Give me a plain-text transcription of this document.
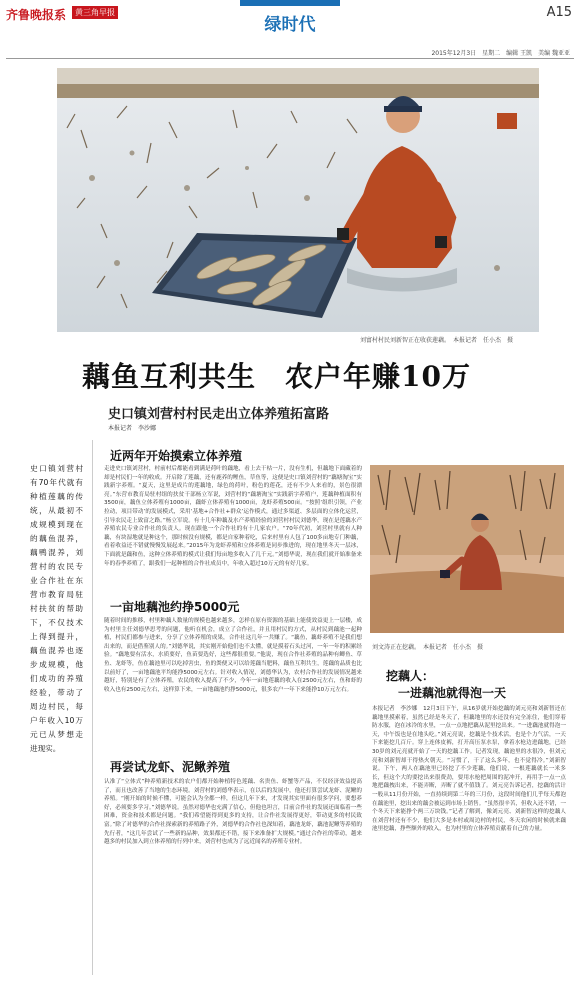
齐鲁晚报系	黄三角早报
绿时代
A15
2015年12月3日　星期二　编辑 王凯　美编 魏亚亚
刘富村村民刘新智正在收获莲藕。　本报记者　任小杰　摄
藕鱼互利共生　农户年赚10万
史口镇刘营村村民走出立体养殖拓富路
本报记者　李沙娜
史口镇刘营村有70年代就有种植莲藕的传统，从最初不成规模到现在的藕鱼混养，藕鸭混养，刘营村的农民专业合作社在东营市教育局驻村扶贫的帮助下，不仅技术上得到提升，藕鱼混养也逐步成规模，他们成功的养殖经验，带动了周边村民，每户年收入10万元已从梦想走进现实。
近两年开始摸索立体养殖
走进史口镇刘营村，村前村后都能看到满是荷叶的藕地，看上去干枯一片，没有生机，但藕地下面藏着的却是村民们一年的收成。开启除了莲藕，还有鹿养的鲤鱼，草鱼等，这便是史口镇刘营村的“藕塘淘宝”实践新字养殖。“夏天，这里是成片的莲藕地，绿色的荷叶，粉色的莲花，还有不少人来看的，景色很漂亮。”东营市教育局驻村组的扶贫干部杨立军说，刘营村的“藕塘淘宝”实践新字养殖户，莲藕种植面积有3500亩，藕鱼立体养殖有1000亩，藕虾立体养殖有1000亩，龙虾养殖500亩。“按照‘组织引领，产业拉动，项目带动’的发展模式，采用‘基地+合作社+群众’运作模式，通过多渠道、多层面的立体化运营，引导农民走上致富之路。”杨立军说。有十几年种藕及水产养殖经验的刘营村村民刘德华，现在是莲藕水产养殖农民专业合作社的负责人。现在跟他一个合作社的有十几家农户。“70年代初，刘营村里就有人种藕，有块湿地就是种这个，那时候没有规模，都是自家种着吃，后来村里有人包了100多亩地专门种藕，看着收益还不错就慢慢发展起来。”2015年为龙虾养殖和立体养殖是同步推进的，现在地里冬天一层冰，下面就是藕和鱼，这种立体养殖的模式让我们每亩地多收入了几千元。”刘德华说，现在我们就开始准备来年的春季养殖了，跟我们一起种植的合作社成员中，年收入超过10万元的有好几家。
一亩地藕池约挣5000元
随着时间的推移，村里种藕人数量的规模也越来越多，怎样在原有资源的基础上能使效益更上一层楼，成为村里主任刘德华思考的问题，他听在机会，成立了合作社，并且用村民的方式，从村民到藕池一起种植，村民们都参与进来，分享了立体养殖的成果，合作社这几年一共赚了。“藕鱼，藕虾养殖不是我们想出来的，而是借鉴别人的。”刘德华说，其实刚开始他们也不太懂，就是摸着石头过河，一年一年的积累经验。“藕地要有活水，水质要好，鱼苗要选好，这些都很重要。”他说，现在合作社养殖的品种有鲫鱼、草鱼、龙虾等，鱼在藕池里可以吃掉害虫，鱼的粪便又可以给莲藕当肥料，藕鱼互利共生，莲藕的品质也比以前好了，一亩地藕池平均能挣5000元左右。针对收入情况，刘德华认为，农村合作社的发展情况越来越好，特别是有了立体养殖，农民的收入提高了不少，今年一亩地莲藕的收入在2500元左右，鱼和虾的收入也有2500元左右，这样算下来，一亩地藕池约挣5000元，很多农户一年下来能挣10万元左右。
再尝试龙虾、泥鳅养殖
认准了“立体式”种养殖新技术的农户们都开始种植特色莲藕、名贵鱼、虾蟹等产品，不仅经济效益提高了，而且也改善了当地的生态环境。刘营村的刘德华表示，在以后的发展中，他还打算尝试龙虾、泥鳅的养殖。“刚开始的时候不懂，可能会认为全都一样，但这几年下来，才发现其实里面有很多学问，要想养好，必须要多学习。”刘德华说。虽然对德华也充满了信心，但他也坦言，目前合作社的发展还面临着一些困难，资金和技术都是问题。“我们希望能得到更多的支持，让合作社发展得更好，带动更多的村民致富。”除了对德华的合作社探索新的养殖路子外，刘德华的合作社也深知着，藕池龙虾，藕池泥鳅等养殖的先行者，“这几年尝试了一些新的品种，效果都还不错，接下来准备扩大规模。”通过合作社的带动，越来越多的村民加入到立体养殖的行列中来，刘营村也成为了远近闻名的养殖专业村。
刘文涛正在挖藕。　本报记者　任小杰　摄
挖藕人：
一进藕池就得泡一天
本报记者　李沙娜　12月3日下午，从16岁就开始挖藕的刘元亮和刘新智还在藕地里摸索着，虽然已经是冬天了，但藕地里的水还没有完全冻住，他们穿着防水服，泡在冰冷的水里，一点一点地把藕从泥里挖出来。“一进藕池就得泡一天，中午饭也是在地头吃。”刘元亮说，挖藕是个技术活，也是个力气活，一天下来能挖几百斤。穿上连体皮裤，打开高压泵水泵，拿着水枪边进藕地，已经30岁的刘元亮就开始了一天的挖藕工作。记者发现，藕池里的水很冷，但刘元亮和刘新智却干得热火朝天。“习惯了，干了这么多年，也不觉得冷。”刘新智说。下午，两人在藕池里已经挖了不少莲藕，他们说，一根莲藕就长一米多长，但这个大的要挖出来很费劲，要用水枪把周围的泥冲开，再用手一点一点地把藕拽出来，不能弄断，弄断了就不值钱了。刘元亮告诉记者，挖藕的活计一般从11月份开始，一直持续到第二年的三月份，这段时间他们几乎每天都泡在藕池里，挖出来的藕会被运到市场上销售。“虽然很辛苦，但收入还不错，一个冬天下来能挣个两三万块钱。”记者了解到，像刘元亮、刘新智这样的挖藕人在刘营村还有不少，他们大多是本村或周边村的村民，冬天农闲的时候就来藕池里挖藕，挣些额外的收入，也为村里的立体养殖贡献着自己的力量。
